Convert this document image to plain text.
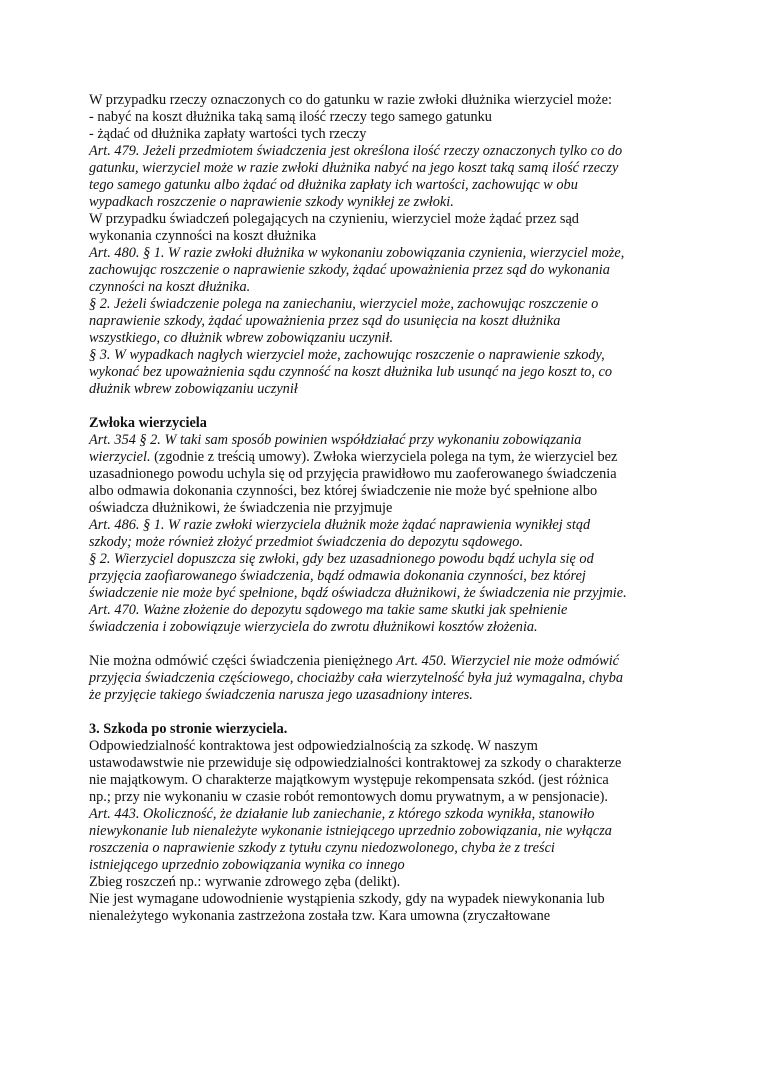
W przypadku rzeczy oznaczonych co do gatunku w razie zwłoki dłużnika wierzyciel może:
- nabyć na koszt dłużnika taką samą ilość rzeczy tego samego gatunku
- żądać od dłużnika zapłaty wartości tych rzeczy
Art. 479. Jeżeli przedmiotem świadczenia jest określona ilość rzeczy oznaczonych tylko co do
gatunku, wierzyciel może w razie zwłoki dłużnika nabyć na jego koszt taką samą ilość rzeczy
tego samego gatunku albo żądać od dłużnika zapłaty ich wartości, zachowując w obu
wypadkach roszczenie o naprawienie szkody wynikłej ze zwłoki.
W przypadku świadczeń polegających na czynieniu, wierzyciel może żądać przez sąd
wykonania czynności na koszt dłużnika
Art. 480. § 1. W razie zwłoki dłużnika w wykonaniu zobowiązania czynienia, wierzyciel może,
zachowując roszczenie o naprawienie szkody, żądać upoważnienia przez sąd do wykonania
czynności na koszt dłużnika.
§ 2. Jeżeli świadczenie polega na zaniechaniu, wierzyciel może, zachowując roszczenie o
naprawienie szkody, żądać upoważnienia przez sąd do usunięcia na koszt dłużnika
wszystkiego, co dłużnik wbrew zobowiązaniu uczynił.
§ 3. W wypadkach nagłych wierzyciel może, zachowując roszczenie o naprawienie szkody,
wykonać bez upoważnienia sądu czynność na koszt dłużnika lub usunąć na jego koszt to, co
dłużnik wbrew zobowiązaniu uczynił
Zwłoka wierzyciela
Art. 354 § 2. W taki sam sposób powinien współdziałać przy wykonaniu zobowiązania
wierzyciel. (zgodnie z treścią umowy). Zwłoka wierzyciela polega na tym, że wierzyciel bez
uzasadnionego powodu uchyla się od przyjęcia prawidłowo mu zaoferowanego świadczenia
albo odmawia dokonania czynności, bez której świadczenie nie może być spełnione albo
oświadcza dłużnikowi, że świadczenia nie przyjmuje
Art. 486. § 1. W razie zwłoki wierzyciela dłużnik może żądać naprawienia wynikłej stąd
szkody; może również złożyć przedmiot świadczenia do depozytu sądowego.
§ 2. Wierzyciel dopuszcza się zwłoki, gdy bez uzasadnionego powodu bądź uchyla się od
przyjęcia zaofiarowanego świadczenia, bądź odmawia dokonania czynności, bez której
świadczenie nie może być spełnione, bądź oświadcza dłużnikowi, że świadczenia nie przyjmie.
Art. 470. Ważne złożenie do depozytu sądowego ma takie same skutki jak spełnienie
świadczenia i zobowiązuje wierzyciela do zwrotu dłużnikowi kosztów złożenia.
Nie można odmówić części świadczenia pieniężnego Art. 450. Wierzyciel nie może odmówić
przyjęcia świadczenia częściowego, chociażby cała wierzytelność była już wymagalna, chyba
że przyjęcie takiego świadczenia narusza jego uzasadniony interes.
3. Szkoda po stronie wierzyciela.
Odpowiedzialność kontraktowa jest odpowiedzialnością za szkodę. W naszym
ustawodawstwie nie przewiduje się odpowiedzialności kontraktowej za szkody o charakterze
nie majątkowym. O charakterze majątkowym występuje rekompensata szkód. (jest różnica
np.; przy nie wykonaniu w czasie robót remontowych domu prywatnym, a w pensjonacie).
Art. 443. Okoliczność, że działanie lub zaniechanie, z którego szkoda wynikła, stanowiło
niewykonanie lub nienależyte wykonanie istniejącego uprzednio zobowiązania, nie wyłącza
roszczenia o naprawienie szkody z tytułu czynu niedozwolonego, chyba że z treści
istniejącego uprzednio zobowiązania wynika co innego
Zbieg roszczeń np.: wyrwanie zdrowego zęba (delikt).
Nie jest wymagane udowodnienie wystąpienia szkody, gdy na wypadek niewykonania lub
nienależytego wykonania zastrzeżona została tzw. Kara umowna (zryczałtowane
